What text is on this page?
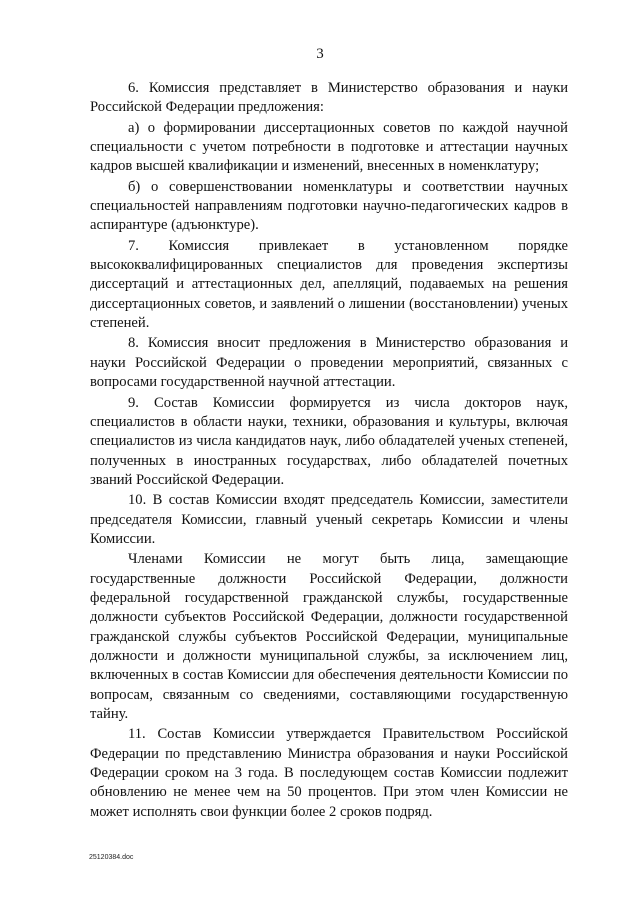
3

6. Комиссия представляет в Министерство образования и науки Российской Федерации предложения:

а) о формировании диссертационных советов по каждой научной специальности с учетом потребности в подготовке и аттестации научных кадров высшей квалификации и изменений, внесенных в номенклатуру;

б) о совершенствовании номенклатуры и соответствии научных специальностей направлениям подготовки научно-педагогических кадров в аспирантуре (адъюнктуре).

7. Комиссия привлекает в установленном порядке высококвалифицированных специалистов для проведения экспертизы диссертаций и аттестационных дел, апелляций, подаваемых на решения диссертационных советов, и заявлений о лишении (восстановлении) ученых степеней.

8. Комиссия вносит предложения в Министерство образования и науки Российской Федерации о проведении мероприятий, связанных с вопросами государственной научной аттестации.

9. Состав Комиссии формируется из числа докторов наук, специалистов в области науки, техники, образования и культуры, включая специалистов из числа кандидатов наук, либо обладателей ученых степеней, полученных в иностранных государствах, либо обладателей почетных званий Российской Федерации.

10. В состав Комиссии входят председатель Комиссии, заместители председателя Комиссии, главный ученый секретарь Комиссии и члены Комиссии.

Членами Комиссии не могут быть лица, замещающие государственные должности Российской Федерации, должности федеральной государственной гражданской службы, государственные должности субъектов Российской Федерации, должности государственной гражданской службы субъектов Российской Федерации, муниципальные должности и должности муниципальной службы, за исключением лиц, включенных в состав Комиссии для обеспечения деятельности Комиссии по вопросам, связанным со сведениями, составляющими государственную тайну.

11. Состав Комиссии утверждается Правительством Российской Федерации по представлению Министра образования и науки Российской Федерации сроком на 3 года. В последующем состав Комиссии подлежит обновлению не менее чем на 50 процентов. При этом член Комиссии не может исполнять свои функции более 2 сроков подряд.

25120384.doc
